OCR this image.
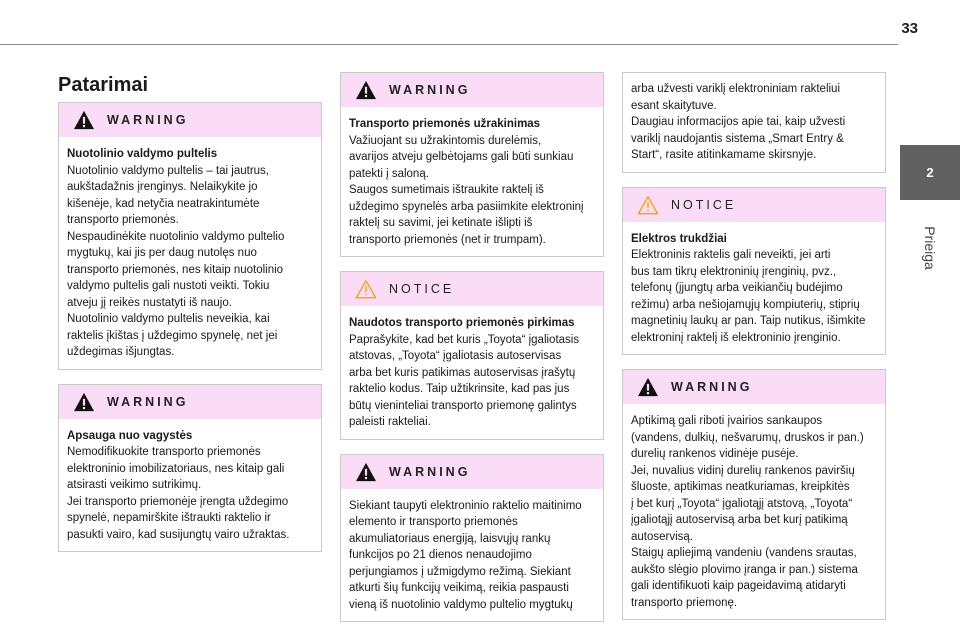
33
2
Prieiga
Patarimai
WARNING

Nuotolinio valdymo pultelis

Nuotolinio valdymo pultelis – tai jautrus,

aukštadažnis įrenginys. Nelaikykite jo

kišenėje, kad netyčia neatrakintumėte

transporto priemonės.

Nespaudinėkite nuotolinio valdymo pultelio

mygtukų, kai jis per daug nutolęs nuo

transporto priemonės, nes kitaip nuotolinio

valdymo pultelis gali nustoti veikti. Tokiu

atveju jį reikės nustatyti iš naujo.

Nuotolinio valdymo pultelis neveikia, kai

raktelis įkištas į uždegimo spynelę, net jei

uždegimas išjungtas.

WARNING

Apsauga nuo vagystės

Nemodifikuokite transporto priemonės

elektroninio imobilizatoriaus, nes kitaip gali

atsirasti veikimo sutrikimų.

Jei transporto priemonėje įrengta uždegimo

spynelė, nepamirškite ištraukti raktelio ir

pasukti vairo, kad susijungtų vairo užraktas.

WARNING

Transporto priemonės užrakinimas

Važiuojant su užrakintomis durelėmis,

avarijos atveju gelbėtojams gali būti sunkiau

patekti į saloną.

Saugos sumetimais ištraukite raktelį iš

uždegimo spynelės arba pasiimkite elektroninį

raktelį su savimi, jei ketinate išlipti iš

transporto priemonės (net ir trumpam).

NOTICE

Naudotos transporto priemonės pirkimas

Paprašykite, kad bet kuris „Toyota“ įgaliotasis

atstovas, „Toyota“ įgaliotasis autoservisas

arba bet kuris patikimas autoservisas įrašytų

raktelio kodus. Taip užtikrinsite, kad pas jus

būtų vieninteliai transporto priemonę galintys

paleisti rakteliai.

WARNING

Siekiant taupyti elektroninio raktelio maitinimo

elemento ir transporto priemonės

akumuliatoriaus energiją, laisvųjų rankų

funkcijos po 21 dienos nenaudojimo

perjungiamos į užmigdymo režimą. Siekiant

atkurti šių funkcijų veikimą, reikia paspausti

vieną iš nuotolinio valdymo pultelio mygtukų

arba užvesti variklį elektroniniam rakteliui

esant skaitytuve.

Daugiau informacijos apie tai, kaip užvesti

variklį naudojantis sistema „Smart Entry &

Start“, rasite atitinkamame skirsnyje.

NOTICE

Elektros trukdžiai

Elektroninis raktelis gali neveikti, jei arti

bus tam tikrų elektroninių įrenginių, pvz.,

telefonų (įjungtų arba veikiančių budėjimo

režimu) arba nešiojamųjų kompiuterių, stiprių

magnetinių laukų ar pan. Taip nutikus, išimkite

elektroninį raktelį iš elektroninio įrenginio.

WARNING

Aptikimą gali riboti įvairios sankaupos

(vandens, dulkių, nešvarumų, druskos ir pan.)

durelių rankenos vidinėje pusėje.

Jei, nuvalius vidinį durelių rankenos paviršių

šluoste, aptikimas neatkuriamas, kreipkitės

į bet kurį „Toyota“ įgaliotąjį atstovą, „Toyota“

įgaliotąjį autoservisą arba bet kurį patikimą

autoservisą.

Staigų apliejimą vandeniu (vandens srautas,

aukšto slėgio plovimo įranga ir pan.) sistema

gali identifikuoti kaip pageidavimą atidaryti

transporto priemonę.
